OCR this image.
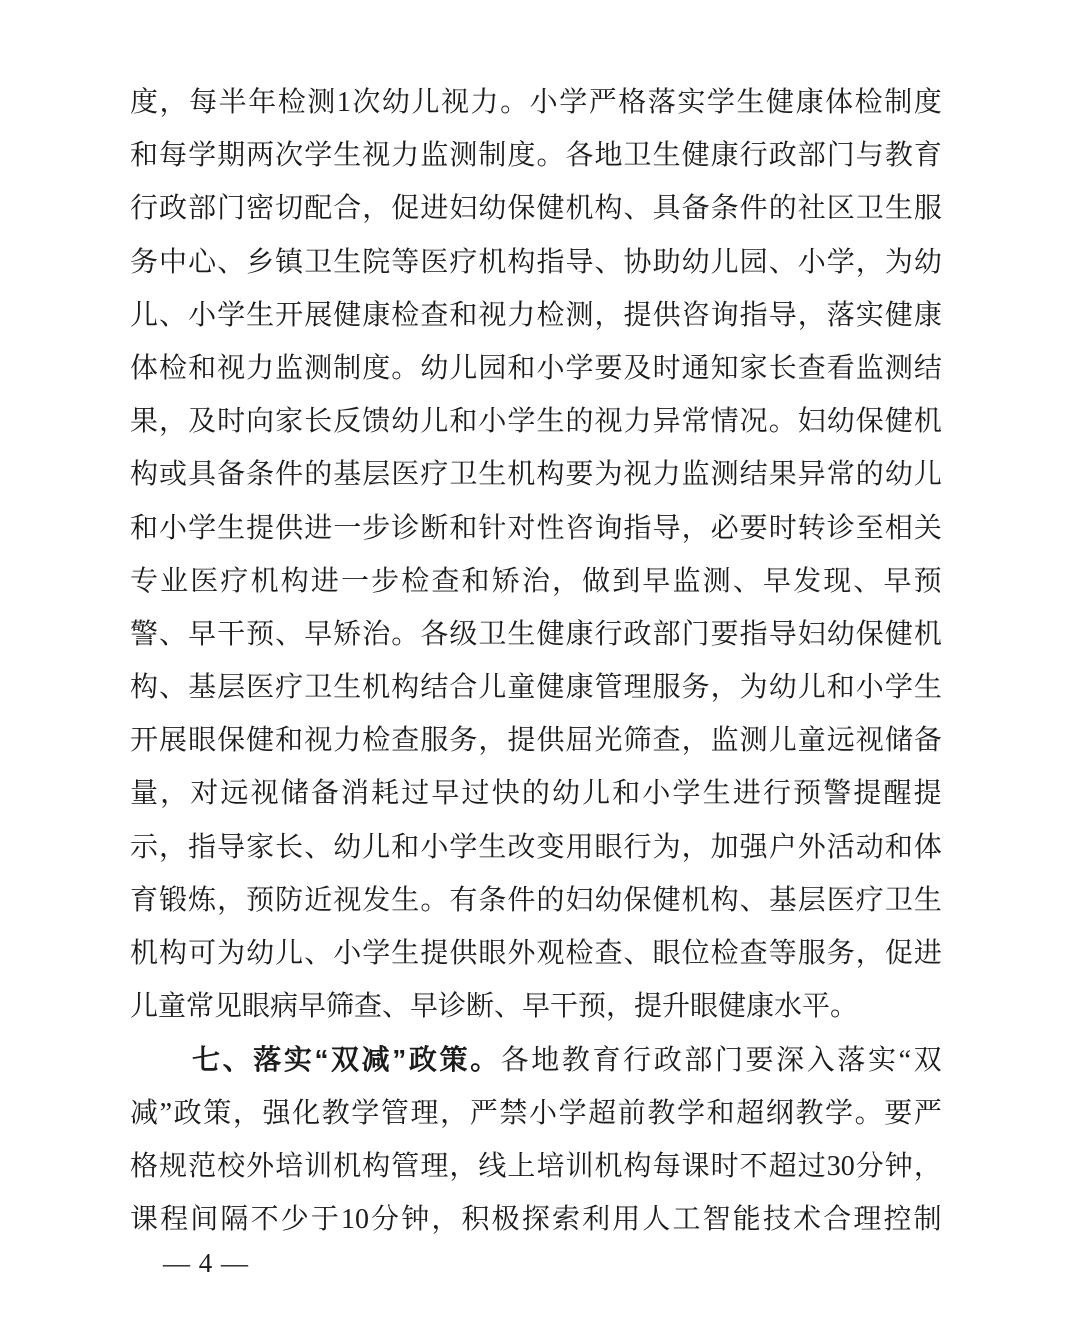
度 ， 每 半 年 检 测 1 次 幼 儿 视 力 。 小 学 严 格 落 实 学 生 健 康 体 检 制 度
和 每 学 期 两 次 学 生 视 力 监 测 制 度 。 各 地 卫 生 健 康 行 政 部 门 与 教 育
行 政 部 门 密 切 配 合 ， 促 进 妇 幼 保 健 机 构 、 具 备 条 件 的 社 区 卫 生 服
务 中 心 、 乡 镇 卫 生 院 等 医 疗 机 构 指 导 、 协 助 幼 儿 园 、 小 学 ， 为 幼
儿 、 小 学 生 开 展 健 康 检 查 和 视 力 检 测 ， 提 供 咨 询 指 导 ， 落 实 健 康
体 检 和 视 力 监 测 制 度 。 幼 儿 园 和 小 学 要 及 时 通 知 家 长 查 看 监 测 结
果 ， 及 时 向 家 长 反 馈 幼 儿 和 小 学 生 的 视 力 异 常 情 况 。 妇 幼 保 健 机
构 或 具 备 条 件 的 基 层 医 疗 卫 生 机 构 要 为 视 力 监 测 结 果 异 常 的 幼 儿
和 小 学 生 提 供 进 一 步 诊 断 和 针 对 性 咨 询 指 导 ， 必 要 时 转 诊 至 相 关
专 业 医 疗 机 构 进 一 步 检 查 和 矫 治 ， 做 到 早 监 测 、 早 发 现 、 早 预
警 、 早 干 预 、 早 矫 治 。 各 级 卫 生 健 康 行 政 部 门 要 指 导 妇 幼 保 健 机
构 、 基 层 医 疗 卫 生 机 构 结 合 儿 童 健 康 管 理 服 务 ， 为 幼 儿 和 小 学 生
开 展 眼 保 健 和 视 力 检 查 服 务 ， 提 供 屈 光 筛 查 ， 监 测 儿 童 远 视 储 备
量 ， 对 远 视 储 备 消 耗 过 早 过 快 的 幼 儿 和 小 学 生 进 行 预 警 提 醒 提
示 ， 指 导 家 长 、 幼 儿 和 小 学 生 改 变 用 眼 行 为 ， 加 强 户 外 活 动 和 体
育 锻 炼 ， 预 防 近 视 发 生 。 有 条 件 的 妇 幼 保 健 机 构 、 基 层 医 疗 卫 生
机 构 可 为 幼 儿 、 小 学 生 提 供 眼 外 观 检 查 、 眼 位 检 查 等 服 务 ， 促 进
儿童常见眼病早筛查、早诊断、早干预，提升眼健康水平。
七 、 落 实 “ 双 减 ” 政 策 。 各 地 教 育 行 政 部 门 要 深 入 落 实 “ 双
减 ” 政 策 ， 强 化 教 学 管 理 ， 严 禁 小 学 超 前 教 学 和 超 纲 教 学 。 要 严
格 规 范 校 外 培 训 机 构 管 理 ， 线 上 培 训 机 构 每 课 时 不 超 过 30 分 钟 ，
课 程 间 隔 不 少 于 10 分 钟 ， 积 极 探 索 利 用 人 工 智 能 技 术 合 理 控 制
— 4 —
